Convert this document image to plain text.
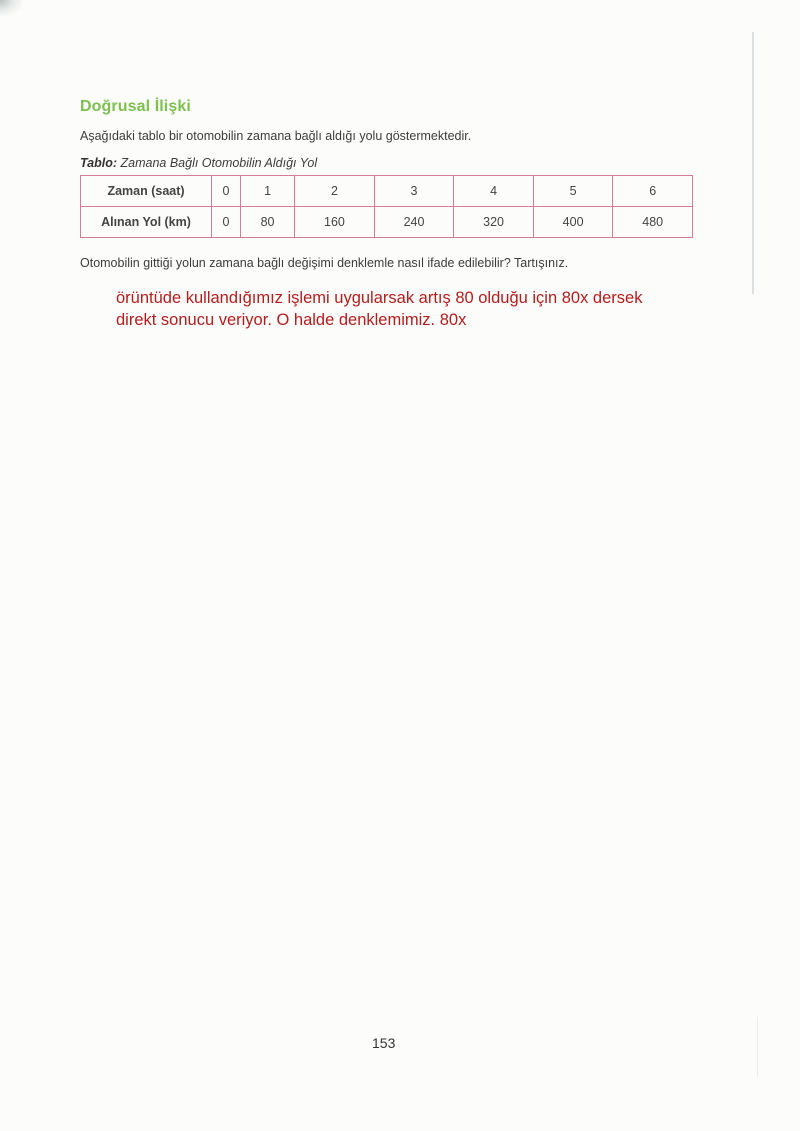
Doğrusal İlişki
Aşağıdaki tablo bir otomobilin zamana bağlı aldığı yolu göstermektedir.
Tablo: Zamana Bağlı Otomobilin Aldığı Yol
Zaman (saat)	0	1	2	3	4	5	6
Alınan Yol (km)	0	80	160	240	320	400	480
Otomobilin gittiği yolun zamana bağlı değişimi denklemle nasıl ifade edilebilir? Tartışınız.
örüntüde kullandığımız işlemi uygularsak artış 80 olduğu için 80x dersek
direkt sonucu veriyor. O halde denklemimiz. 80x
153
